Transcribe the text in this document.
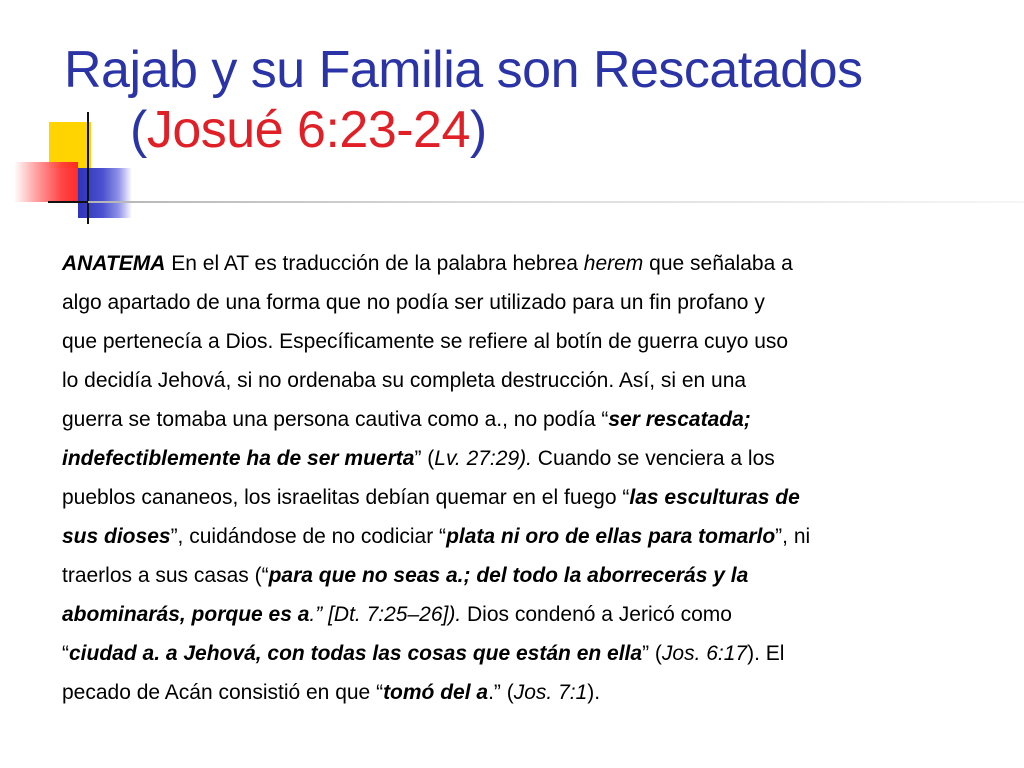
Rajab y su Familia son Rescatados
(Josué 6:23-24)
ANATEMA En el AT es traducción de la palabra hebrea herem que señalaba a
algo apartado de una forma que no podía ser utilizado para un fin profano y
que pertenecía a Dios. Específicamente se refiere al botín de guerra cuyo uso
lo decidía Jehová, si no ordenaba su completa destrucción. Así, si en una
guerra se tomaba una persona cautiva como a., no podía “ser rescatada;
indefectiblemente ha de ser muerta” (Lv. 27:29). Cuando se venciera a los
pueblos cananeos, los israelitas debían quemar en el fuego “las esculturas de
sus dioses”, cuidándose de no codiciar “plata ni oro de ellas para tomarlo”, ni
traerlos a sus casas (“para que no seas a.; del todo la aborrecerás y la
abominarás, porque es a.” [Dt. 7:25–26]). Dios condenó a Jericó como
“ciudad a. a Jehová, con todas las cosas que están en ella” (Jos. 6:17). El
pecado de Acán consistió en que “tomó del a.” (Jos. 7:1).
